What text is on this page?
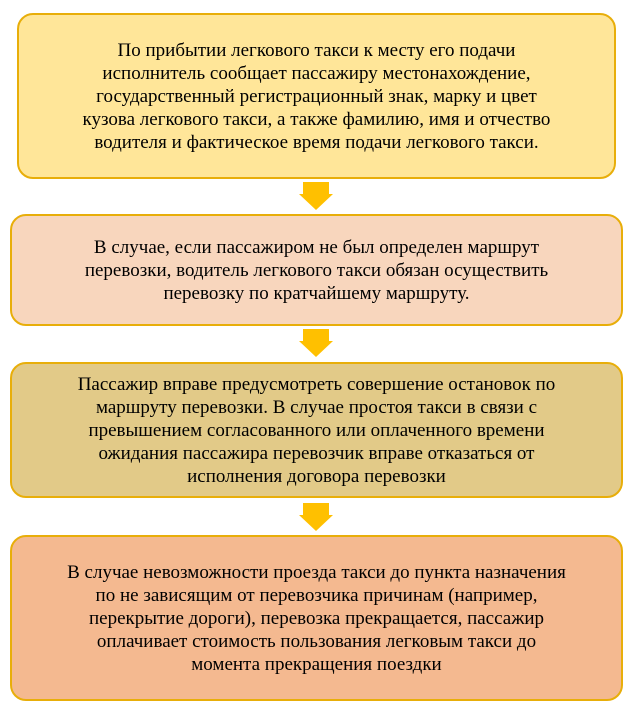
По прибытии легкового такси к месту его подачи
исполнитель сообщает пассажиру местонахождение,
государственный регистрационный знак, марку и цвет
кузова легкового такси, а также фамилию, имя и отчество
водителя и фактическое время подачи легкового такси.

В случае, если пассажиром не был определен маршрут
перевозки, водитель легкового такси обязан осуществить
перевозку по кратчайшему маршруту.

Пассажир вправе предусмотреть совершение остановок по
маршруту перевозки. В случае простоя такси в связи с
превышением согласованного или оплаченного времени
ожидания пассажира перевозчик вправе отказаться от
исполнения договора перевозки

В случае невозможности проезда такси до пункта назначения
по не зависящим от перевозчика причинам (например,
перекрытие дороги), перевозка прекращается, пассажир
оплачивает стоимость пользования легковым такси до
момента прекращения поездки
